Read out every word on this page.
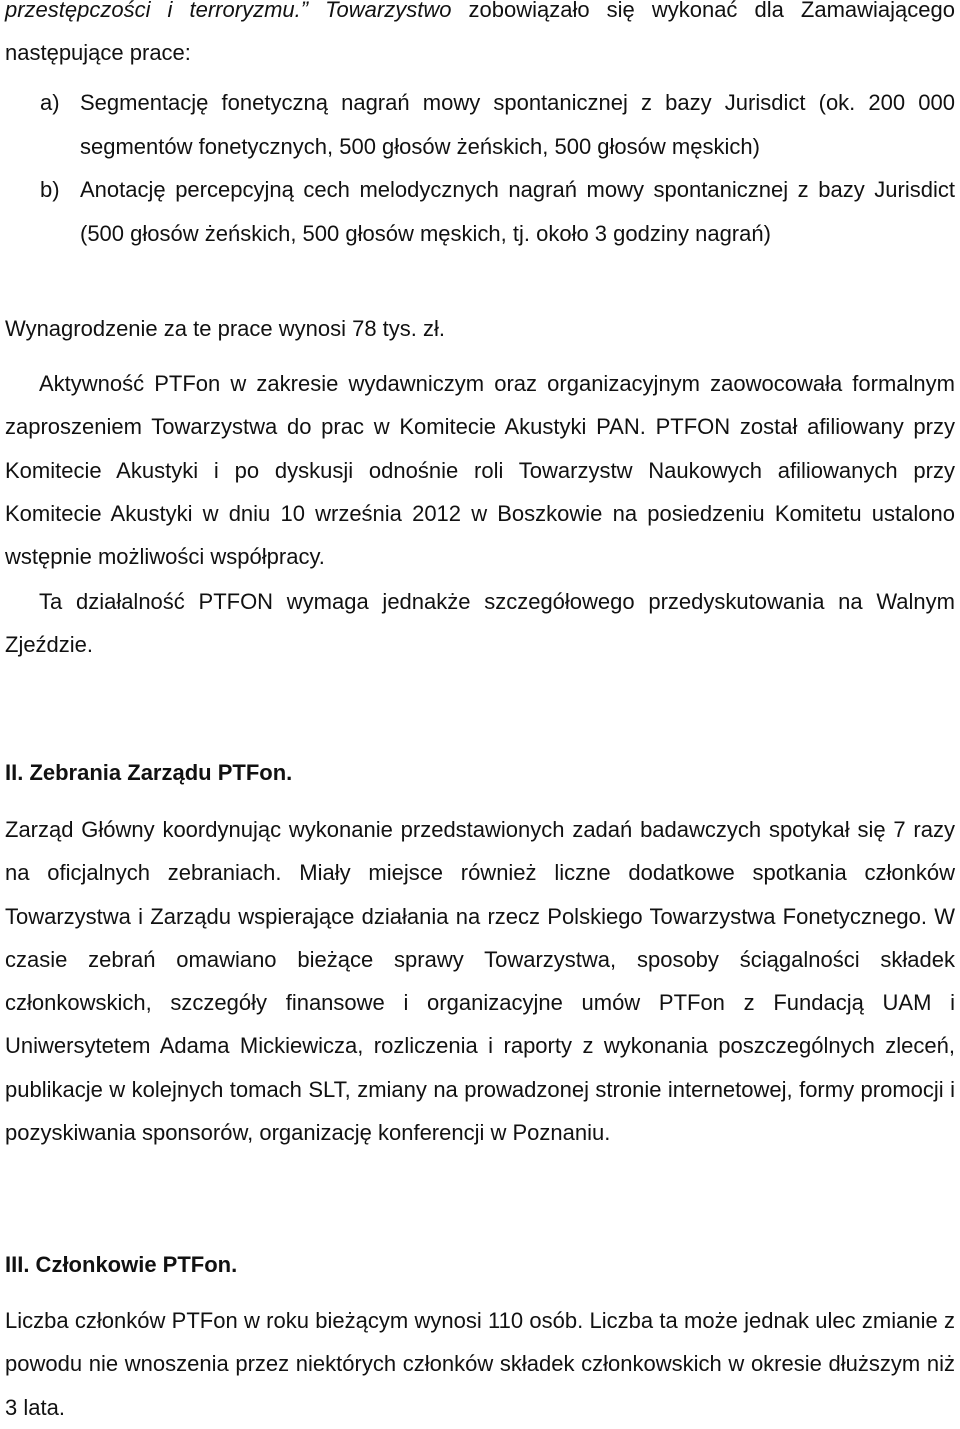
przestępczości i terroryzmu.” Towarzystwo zobowiązało się wykonać dla Zamawiającego następujące prace:

a) Segmentację fonetyczną nagrań mowy spontanicznej z bazy Jurisdict (ok. 200 000 segmentów fonetycznych, 500 głosów żeńskich, 500 głosów męskich)
b) Anotację percepcyjną cech melodycznych nagrań mowy spontanicznej z bazy Jurisdict (500 głosów żeńskich, 500 głosów męskich, tj. około 3 godziny nagrań)

Wynagrodzenie za te prace wynosi 78 tys. zł.

Aktywność PTFon w zakresie wydawniczym oraz organizacyjnym zaowocowała formalnym zaproszeniem Towarzystwa do prac w Komitecie Akustyki PAN. PTFON został afiliowany przy Komitecie Akustyki i po dyskusji odnośnie roli Towarzystw Naukowych afiliowanych przy Komitecie Akustyki w dniu 10 września 2012 w Boszkowie na posiedzeniu Komitetu ustalono wstępnie możliwości współpracy.

Ta działalność PTFON wymaga jednakże szczegółowego przedyskutowania na Walnym Zjeździe.

II. Zebrania Zarządu PTFon.

Zarząd Główny koordynując wykonanie przedstawionych zadań badawczych spotykał się 7 razy na oficjalnych zebraniach. Miały miejsce również liczne dodatkowe spotkania członków Towarzystwa i Zarządu wspierające działania na rzecz Polskiego Towarzystwa Fonetycznego. W czasie zebrań omawiano bieżące sprawy Towarzystwa, sposoby ściągalności składek członkowskich, szczegóły finansowe i organizacyjne umów PTFon z Fundacją UAM i Uniwersytetem Adama Mickiewicza, rozliczenia i raporty z wykonania poszczególnych zleceń, publikacje w kolejnych tomach SLT, zmiany na prowadzonej stronie internetowej, formy promocji i pozyskiwania sponsorów, organizację konferencji w Poznaniu.

III. Członkowie PTFon.

Liczba członków PTFon w roku bieżącym wynosi 110 osób. Liczba ta może jednak ulec zmianie z powodu nie wnoszenia przez niektórych członków składek członkowskich w okresie dłuższym niż 3 lata.
